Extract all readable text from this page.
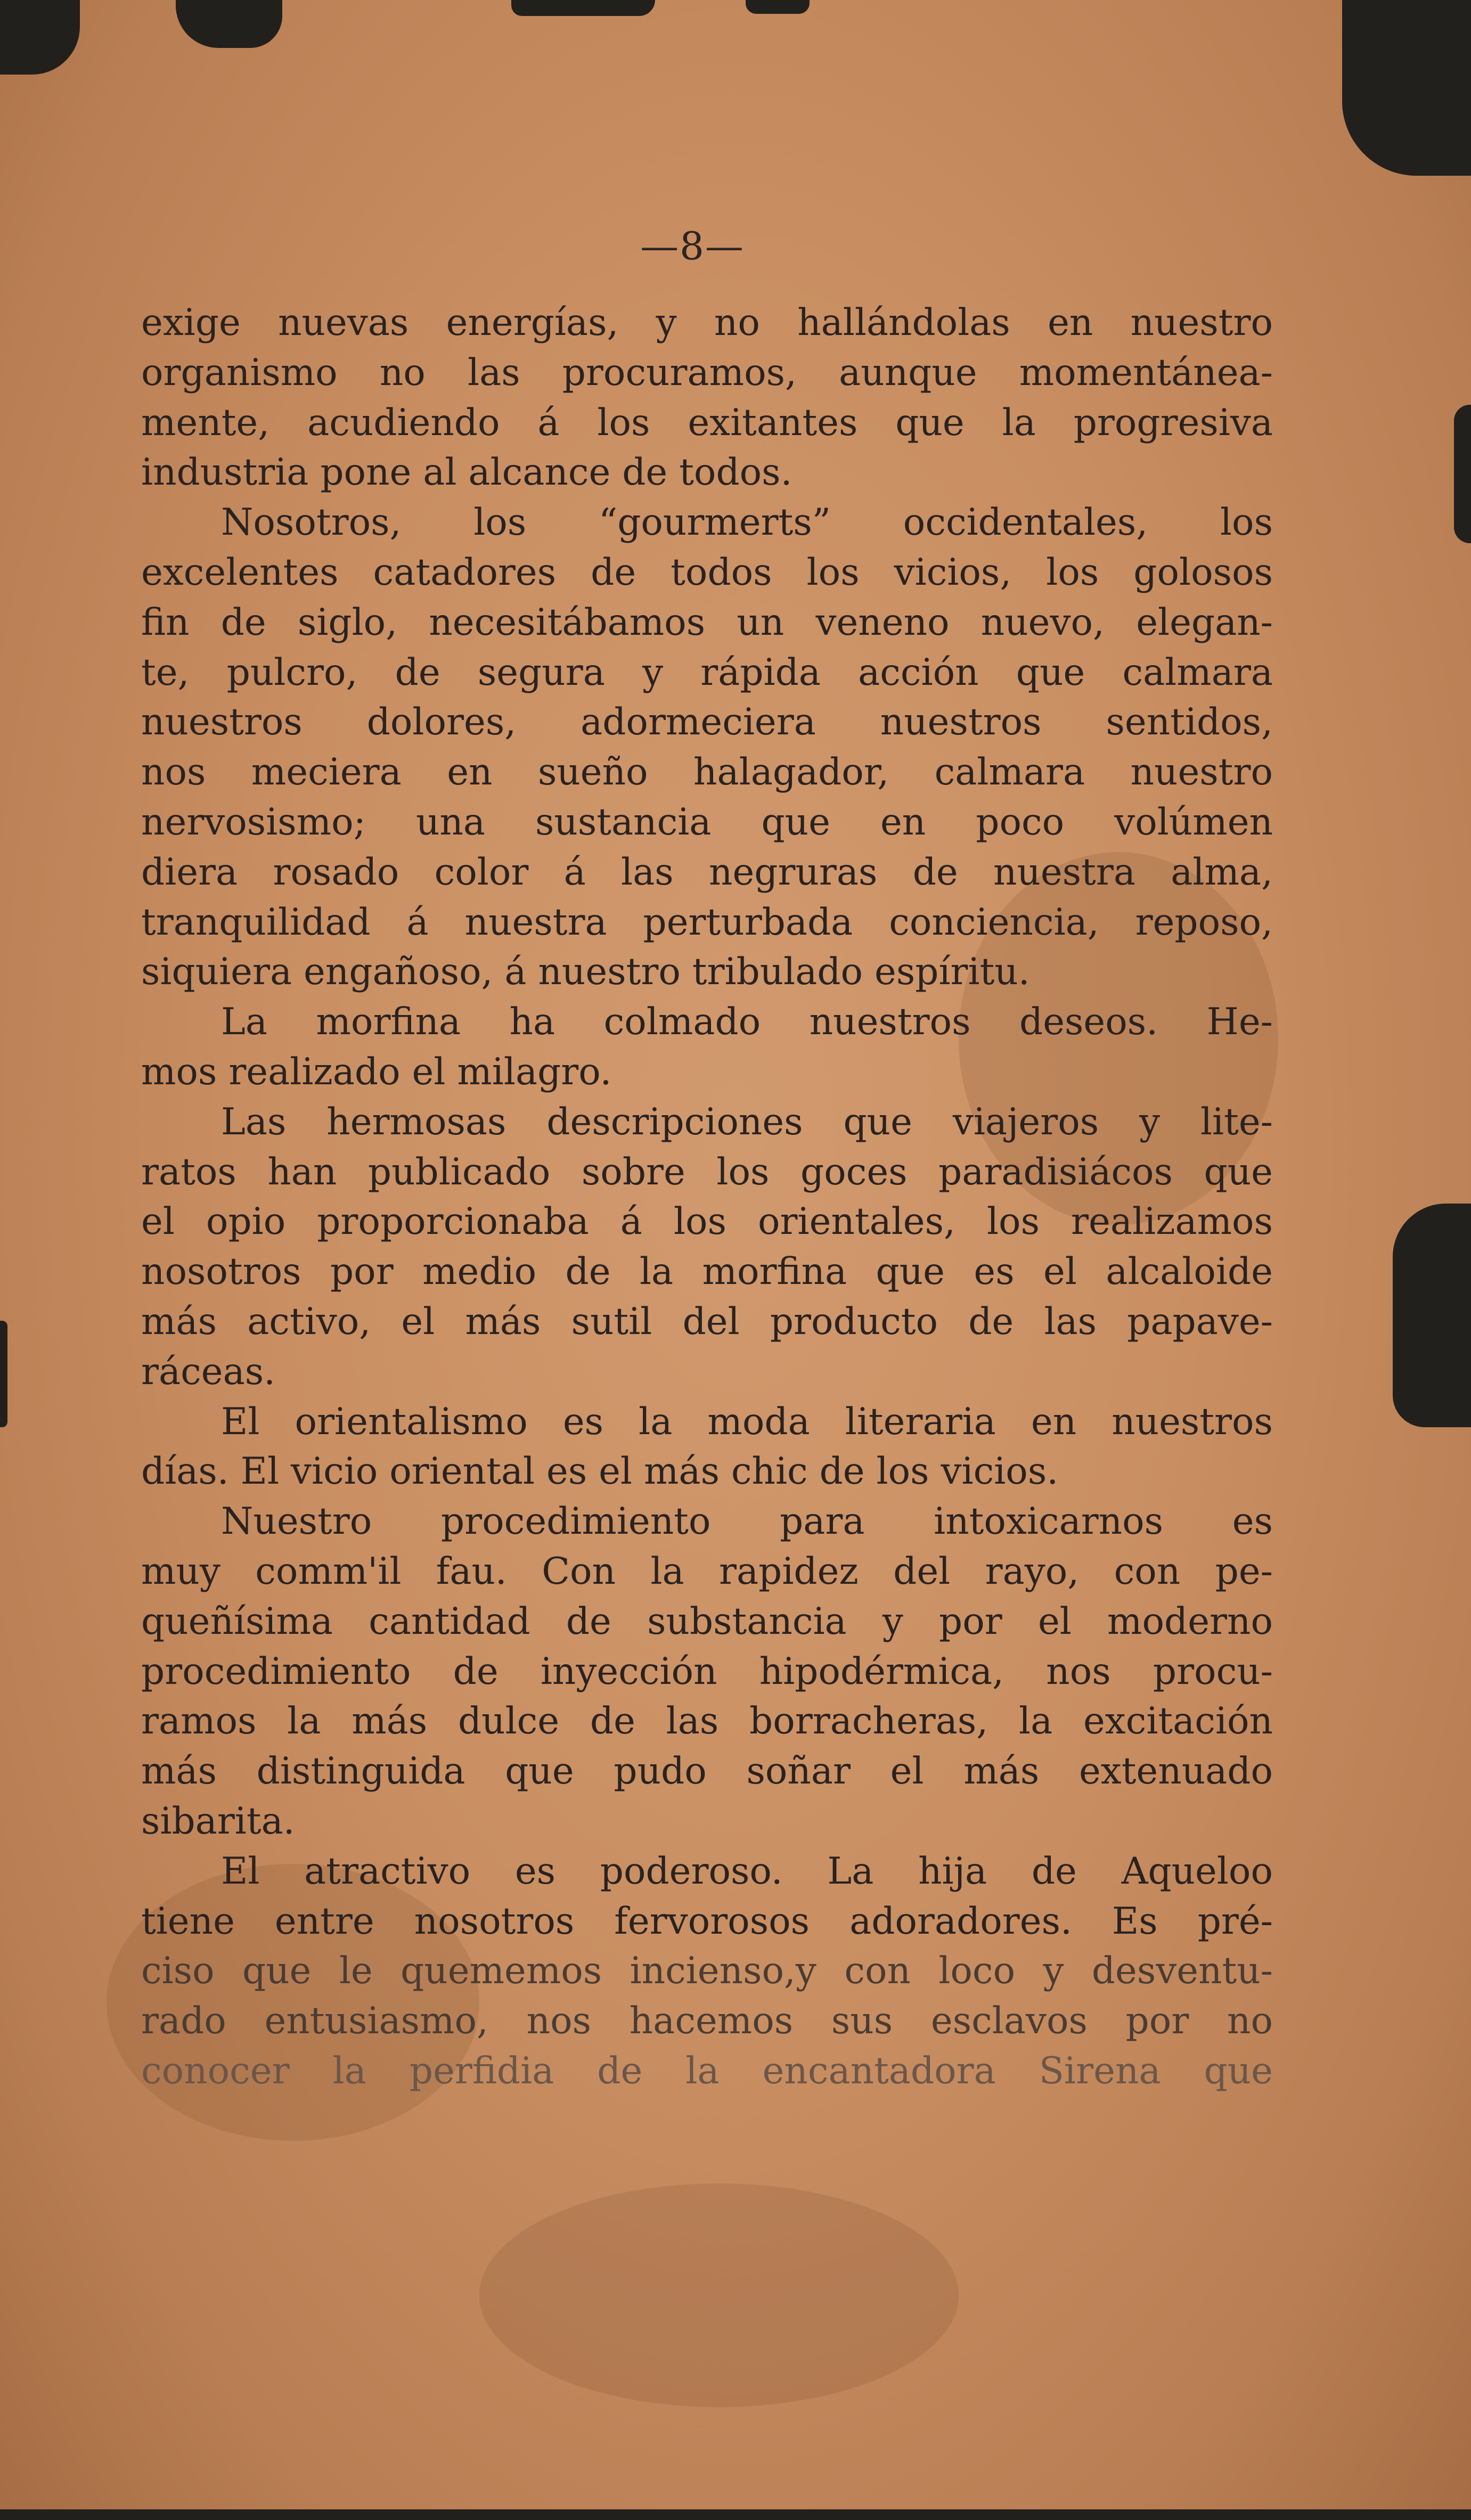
—8—
exige nuevas energías, y no hallándolas en nuestro
organismo no las procuramos, aunque momentánea-
mente, acudiendo á los exitantes que la progresiva
industria pone al alcance de todos.
Nosotros, los “gourmerts” occidentales, los
excelentes catadores de todos los vicios, los golosos
fin de siglo, necesitábamos un veneno nuevo, elegan-
te, pulcro, de segura y rápida acción que calmara
nuestros dolores, adormeciera nuestros sentidos,
nos meciera en sueño halagador, calmara nuestro
nervosismo; una sustancia que en poco volúmen
diera rosado color á las negruras de nuestra alma,
tranquilidad á nuestra perturbada conciencia, reposo,
siquiera engañoso, á nuestro tribulado espíritu.
La morfina ha colmado nuestros deseos. He-
mos realizado el milagro.
Las hermosas descripciones que viajeros y lite-
ratos han publicado sobre los goces paradisiácos que
el opio proporcionaba á los orientales, los realizamos
nosotros por medio de la morfina que es el alcaloide
más activo, el más sutil del producto de las papave-
ráceas.
El orientalismo es la moda literaria en nuestros
días. El vicio oriental es el más chic de los vicios.
Nuestro procedimiento para intoxicarnos es
muy comm'il fau. Con la rapidez del rayo, con pe-
queñísima cantidad de substancia y por el moderno
procedimiento de inyección hipodérmica, nos procu-
ramos la más dulce de las borracheras, la excitación
más distinguida que pudo soñar el más extenuado
sibarita.
El atractivo es poderoso. La hija de Aqueloo
tiene entre nosotros fervorosos adoradores. Es pré-
ciso que le quememos incienso,y con loco y desventu-
rado entusiasmo, nos hacemos sus esclavos por no
conocer la perfidia de la encantadora Sirena que
